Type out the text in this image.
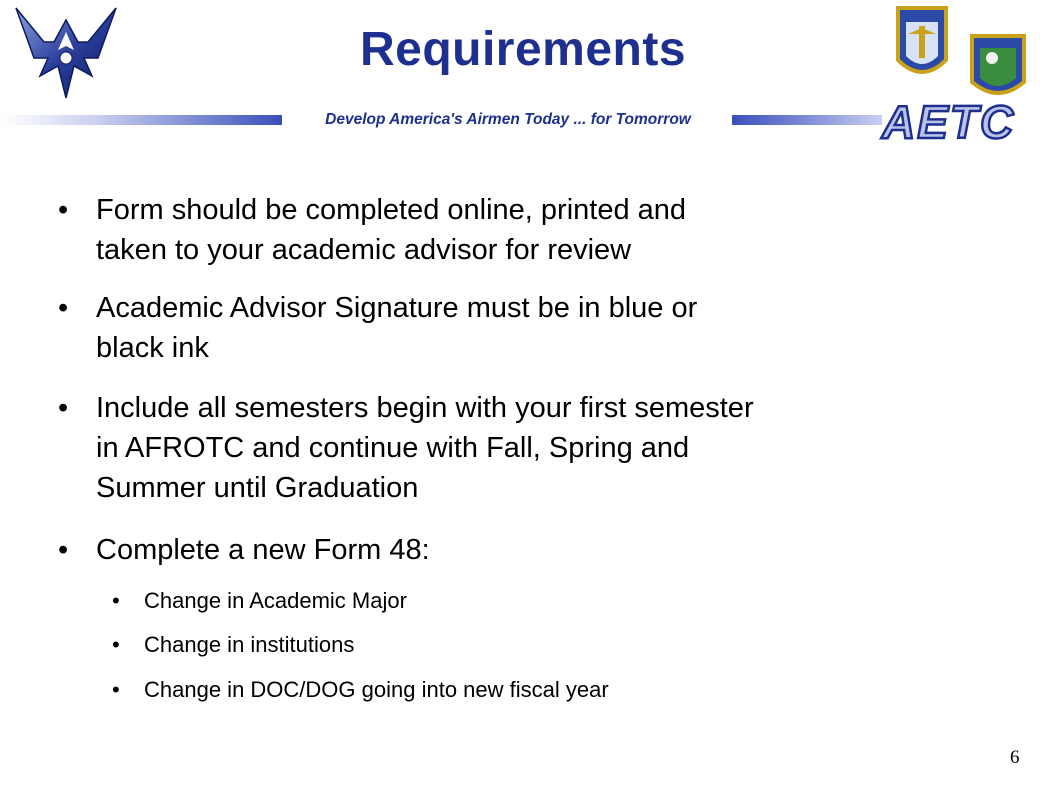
AETC
Requirements
Develop America's Airmen Today ... for Tomorrow
• Form should be completed online, printed and
taken to your academic advisor for review
• Academic Advisor Signature must be in blue or
black ink
• Include all semesters begin with your first semester
in AFROTC and continue with Fall, Spring and
Summer until Graduation
• Complete a new Form 48:
• Change in Academic Major
• Change in institutions
• Change in DOC/DOG going into new fiscal year
6
